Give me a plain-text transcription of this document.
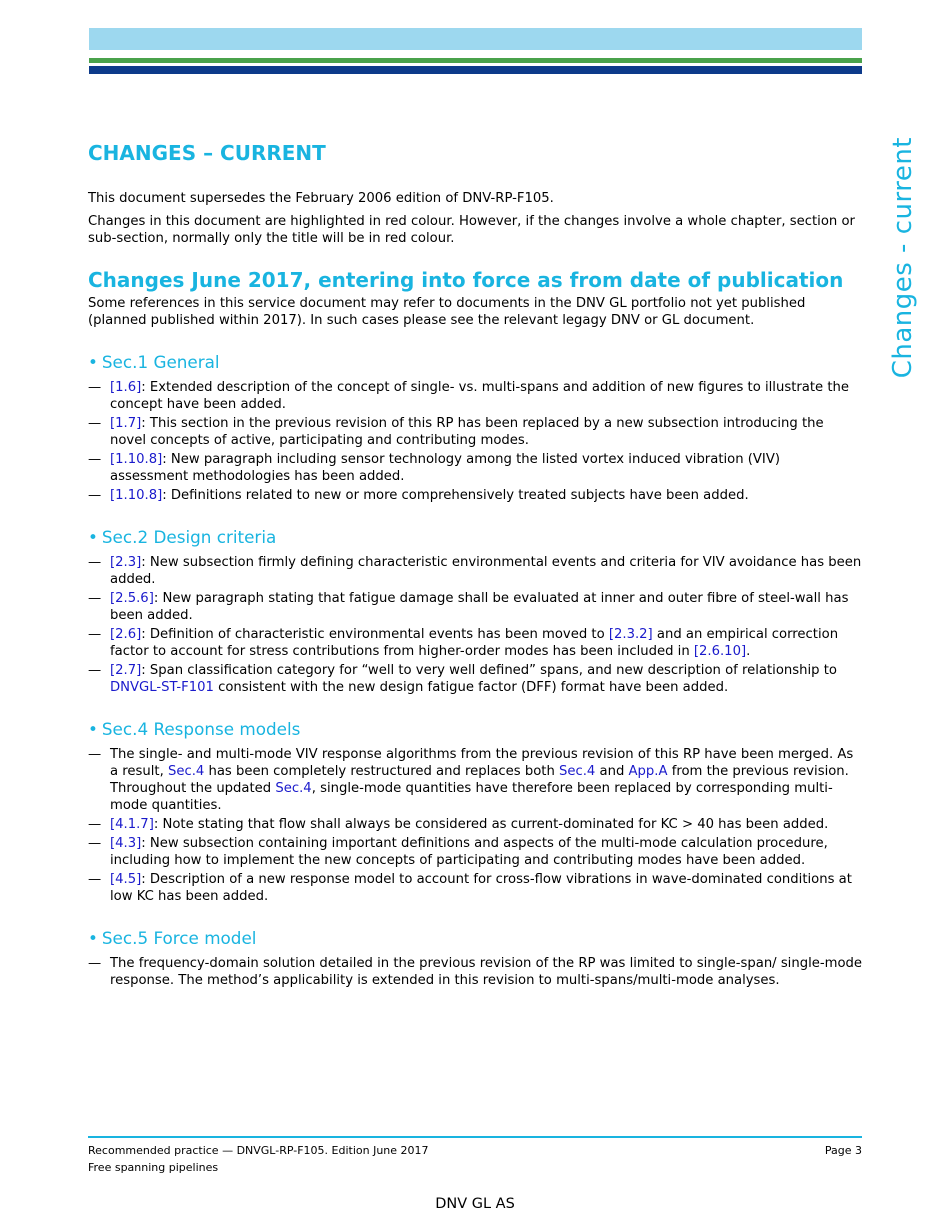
Changes - current
CHANGES – CURRENT

This document supersedes the February 2006 edition of DNV-RP-F105.

Changes in this document are highlighted in red colour. However, if the changes involve a whole chapter, section or sub-section, normally only the title will be in red colour.

Changes June 2017, entering into force as from date of publication

Some references in this service document may refer to documents in the DNV GL portfolio not yet published (planned published within 2017). In such cases please see the relevant legagy DNV or GL document.

• Sec.1 General
— [1.6]: Extended description of the concept of single- vs. multi-spans and addition of new figures to illustrate the concept have been added.
— [1.7]: This section in the previous revision of this RP has been replaced by a new subsection introducing the novel concepts of active, participating and contributing modes.
— [1.10.8]: New paragraph including sensor technology among the listed vortex induced vibration (VIV) assessment methodologies has been added.
— [1.10.8]: Definitions related to new or more comprehensively treated subjects have been added.
• Sec.2 Design criteria
— [2.3]: New subsection firmly defining characteristic environmental events and criteria for VIV avoidance has been added.
— [2.5.6]: New paragraph stating that fatigue damage shall be evaluated at inner and outer fibre of steel-wall has been added.
— [2.6]: Definition of characteristic environmental events has been moved to [2.3.2] and an empirical correction factor to account for stress contributions from higher-order modes has been included in [2.6.10].
— [2.7]: Span classification category for “well to very well defined” spans, and new description of relationship to DNVGL-ST-F101 consistent with the new design fatigue factor (DFF) format have been added.
• Sec.4 Response models
— The single- and multi-mode VIV response algorithms from the previous revision of this RP have been merged. As a result, Sec.4 has been completely restructured and replaces both Sec.4 and App.A from the previous revision. Throughout the updated Sec.4, single-mode quantities have therefore been replaced by corresponding multi-mode quantities.
— [4.1.7]: Note stating that flow shall always be considered as current-dominated for KC > 40 has been added.
— [4.3]: New subsection containing important definitions and aspects of the multi-mode calculation procedure, including how to implement the new concepts of participating and contributing modes have been added.
— [4.5]: Description of a new response model to account for cross-flow vibrations in wave-dominated conditions at low KC has been added.
• Sec.5 Force model
— The frequency-domain solution detailed in the previous revision of the RP was limited to single-span/ single-mode response. The method’s applicability is extended in this revision to multi-spans/multi-mode analyses.
Recommended practice — DNVGL-RP-F105. Edition June 2017
Free spanning pipelines
Page 3
DNV GL AS
